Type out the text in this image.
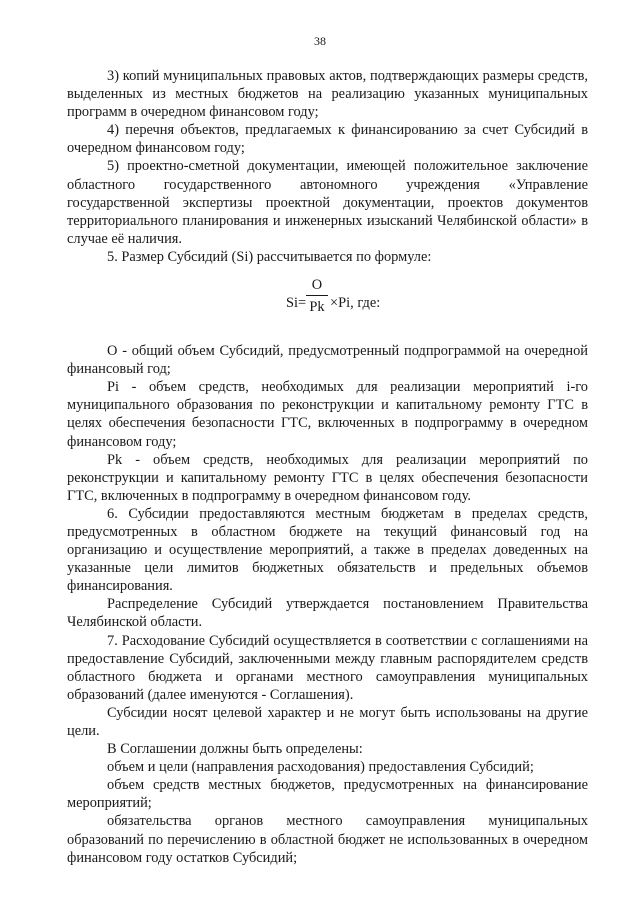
38

3) копий муниципальных правовых актов, подтверждающих размеры средств, выделенных из местных бюджетов на реализацию указанных муниципальных программ в очередном финансовом году;

4) перечня объектов, предлагаемых к финансированию за счет Субсидий в очередном финансовом году;

5) проектно-сметной документации, имеющей положительное заключение областного государственного автономного учреждения «Управление государственной экспертизы проектной документации, проектов документов территориального планирования и инженерных изысканий Челябинской области» в случае её наличия.

5. Размер Субсидий (Si) рассчитывается по формуле:

Si=
O
Pk ×Pi, где:

О - общий объем Субсидий, предусмотренный подпрограммой на очередной финансовый год;

Pi - объем средств, необходимых для реализации мероприятий i-го муниципального образования по реконструкции и капитальному ремонту ГТС в целях обеспечения безопасности ГТС, включенных в подпрограмму в очередном финансовом году;

Pk - объем средств, необходимых для реализации мероприятий по реконструкции и капитальному ремонту ГТС в целях обеспечения безопасности ГТС, включенных в подпрограмму в очередном финансовом году.

6. Субсидии предоставляются местным бюджетам в пределах средств, предусмотренных в областном бюджете на текущий финансовый год на организацию и осуществление мероприятий, а также в пределах доведенных на указанные цели лимитов бюджетных обязательств и предельных объемов финансирования.

Распределение Субсидий утверждается постановлением Правительства Челябинской области.

7. Расходование Субсидий осуществляется в соответствии с соглашениями на предоставление Субсидий, заключенными между главным распорядителем средств областного бюджета и органами местного самоуправления муниципальных образований (далее именуются - Соглашения).

Субсидии носят целевой характер и не могут быть использованы на другие цели.

В Соглашении должны быть определены:

объем и цели (направления расходования) предоставления Субсидий;

объем средств местных бюджетов, предусмотренных на финансирование мероприятий;

обязательства органов местного самоуправления муниципальных образований по перечислению в областной бюджет не использованных в очередном финансовом году остатков Субсидий;
